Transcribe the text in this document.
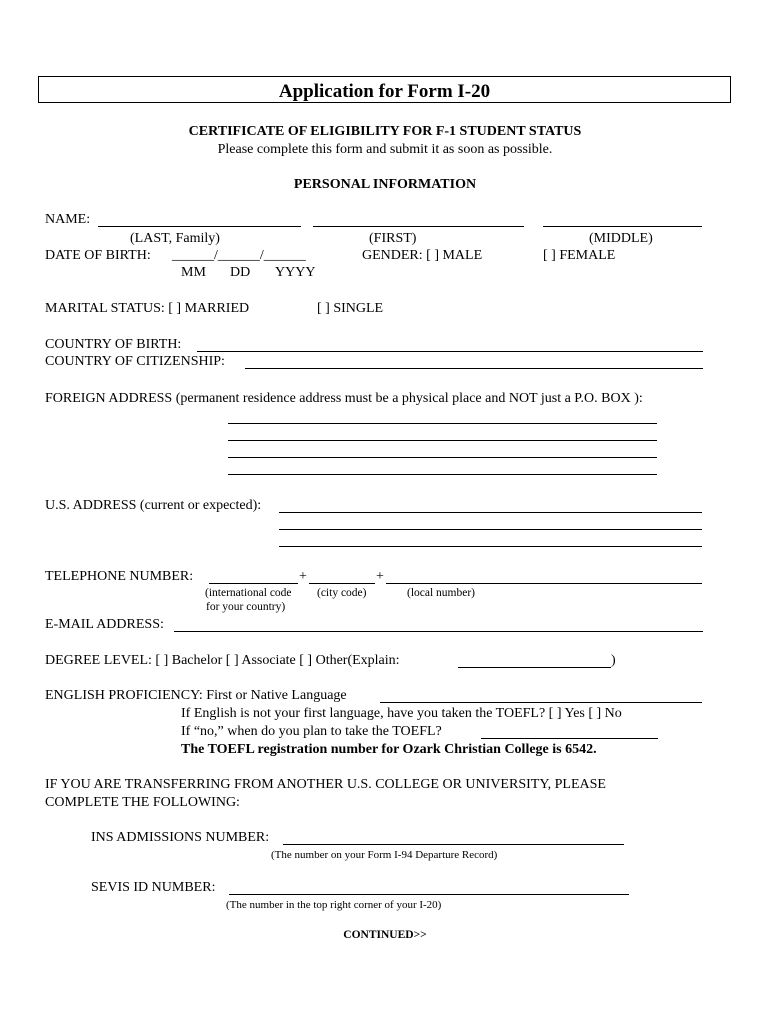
Application for Form I-20
CERTIFICATE OF ELIGIBILITY FOR F-1 STUDENT STATUS
Please complete this form and submit it as soon as possible.
PERSONAL INFORMATION
NAME:
(LAST, Family)	(FIRST)	(MIDDLE)
DATE OF BIRTH: ______/______/______
MM DD YYYY
GENDER: [ ] MALE	[ ] FEMALE
MARITAL STATUS: [ ] MARRIED	[ ] SINGLE
COUNTRY OF BIRTH:
COUNTRY OF CITIZENSHIP:
FOREIGN ADDRESS (permanent residence address must be a physical place and NOT just a P.O. BOX ):
U.S. ADDRESS (current or expected):
TELEPHONE NUMBER:	+	+
(international code
for your country)
(city code)	(local number)
E-MAIL ADDRESS:
DEGREE LEVEL: [ ] Bachelor [ ] Associate [ ] Other(Explain:	)
ENGLISH PROFICIENCY: First or Native Language
If English is not your first language, have you taken the TOEFL? [ ] Yes [ ] No
If “no,” when do you plan to take the TOEFL?
The TOEFL registration number for Ozark Christian College is 6542.
IF YOU ARE TRANSFERRING FROM ANOTHER U.S. COLLEGE OR UNIVERSITY, PLEASE
COMPLETE THE FOLLOWING:
INS ADMISSIONS NUMBER:
(The number on your Form I-94 Departure Record)
SEVIS ID NUMBER:
(The number in the top right corner of your I-20)
CONTINUED>>
